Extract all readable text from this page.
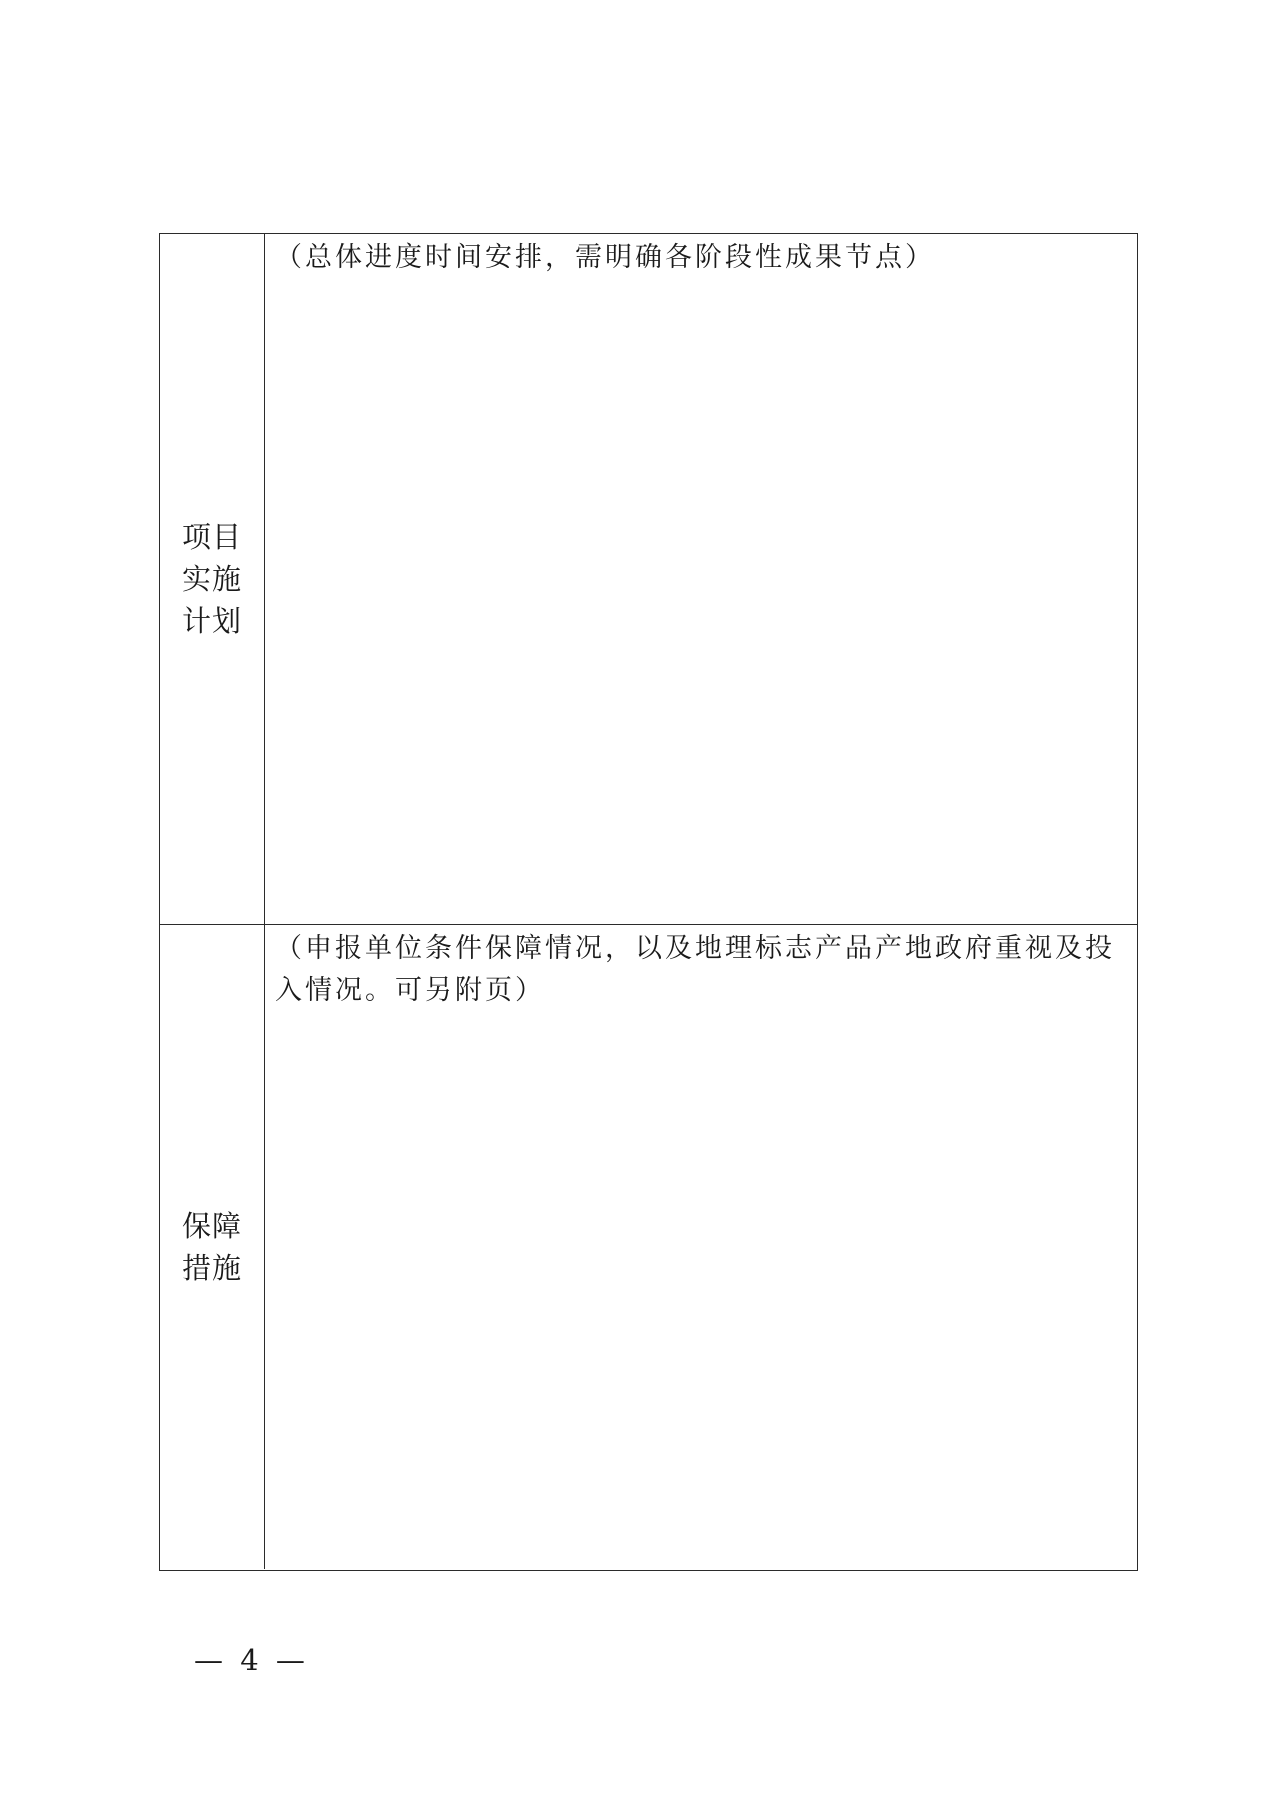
项目实施计划
（总体进度时间安排，需明确各阶段性成果节点）
保障措施
（申报单位条件保障情况，以及地理标志产品产地政府重视及投入情况。可另附页）
— 4 —
